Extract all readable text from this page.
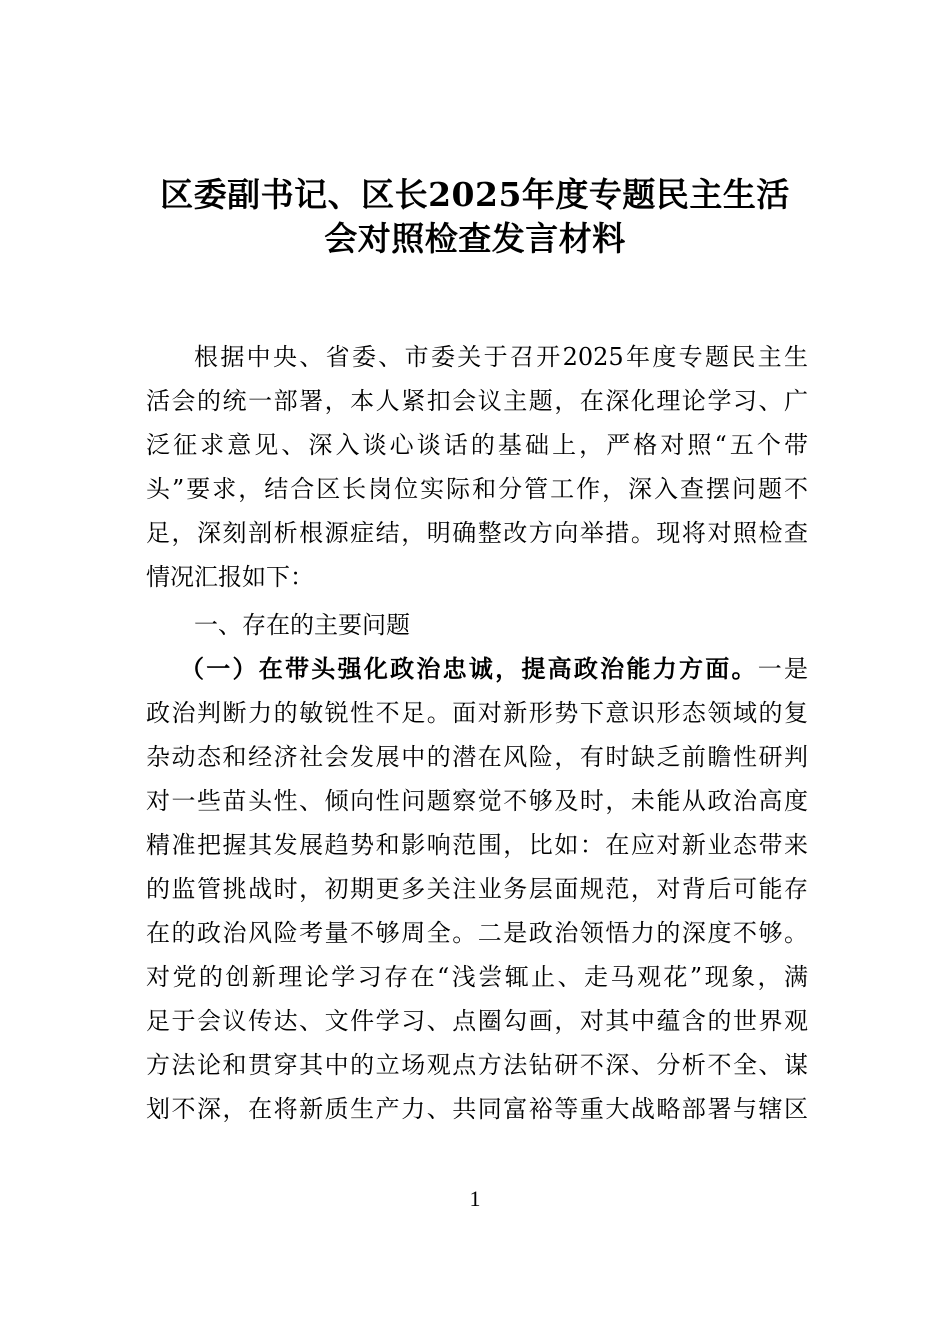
区委副书记、区长2025年度专题民主生活
会对照检查发言材料
根据中央、省委、市委关于召开2025年度专题民主生
活会的统一部署，本人紧扣会议主题，在深化理论学习、广
泛征求意见、深入谈心谈话的基础上，严格对照“五个带
头”要求，结合区长岗位实际和分管工作，深入查摆问题不
足，深刻剖析根源症结，明确整改方向举措。现将对照检查
情况汇报如下：
一、存在的主要问题
（一）在带头强化政治忠诚，提高政治能力方面。一是
政治判断力的敏锐性不足。面对新形势下意识形态领域的复
杂动态和经济社会发展中的潜在风险，有时缺乏前瞻性研判
对一些苗头性、倾向性问题察觉不够及时，未能从政治高度
精准把握其发展趋势和影响范围，比如：在应对新业态带来
的监管挑战时，初期更多关注业务层面规范，对背后可能存
在的政治风险考量不够周全。二是政治领悟力的深度不够。
对党的创新理论学习存在“浅尝辄止、走马观花”现象，满
足于会议传达、文件学习、点圈勾画，对其中蕴含的世界观
方法论和贯穿其中的立场观点方法钻研不深、分析不全、谋
划不深，在将新质生产力、共同富裕等重大战略部署与辖区
1
